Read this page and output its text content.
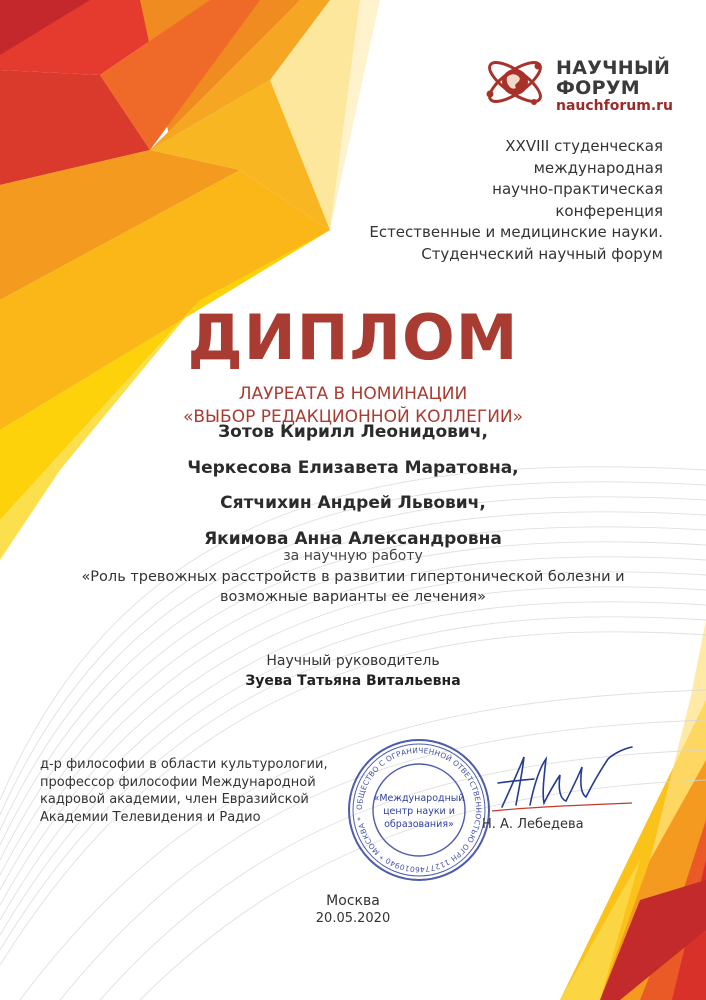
НАУЧНЫЙ
ФОРУМ
nauchforum.ru
XXVIII студенческая
международная
научно-практическая
конференция
Естественные и медицинские науки.
Студенческий научный форум
ДИПЛОМ
ЛАУРЕАТА В НОМИНАЦИИ
«ВЫБОР РЕДАКЦИОННОЙ КОЛЛЕГИИ»
Зотов Кирилл Леонидович,
Черкесова Елизавета Маратовна,
Сятчихин Андрей Львович,
Якимова Анна Александровна
за научную работу
«Роль тревожных расстройств в развитии гипертонической болезни и
возможные варианты ее лечения»
Научный руководитель
Зуева Татьяна Витальевна
д-р философии в области культурологии,
профессор философии Международной
кадровой академии, член Евразийской
Академии Телевидения и Радио
ОБЩЕСТВО С ОГРАНИЧЕННОЙ ОТВЕТСТВЕННОСТЬЮ ОГРН 1127746010940 * МОСКВА *
«Международный
центр науки и
образования» Н. А. Лебедева
Москва
20.05.2020
